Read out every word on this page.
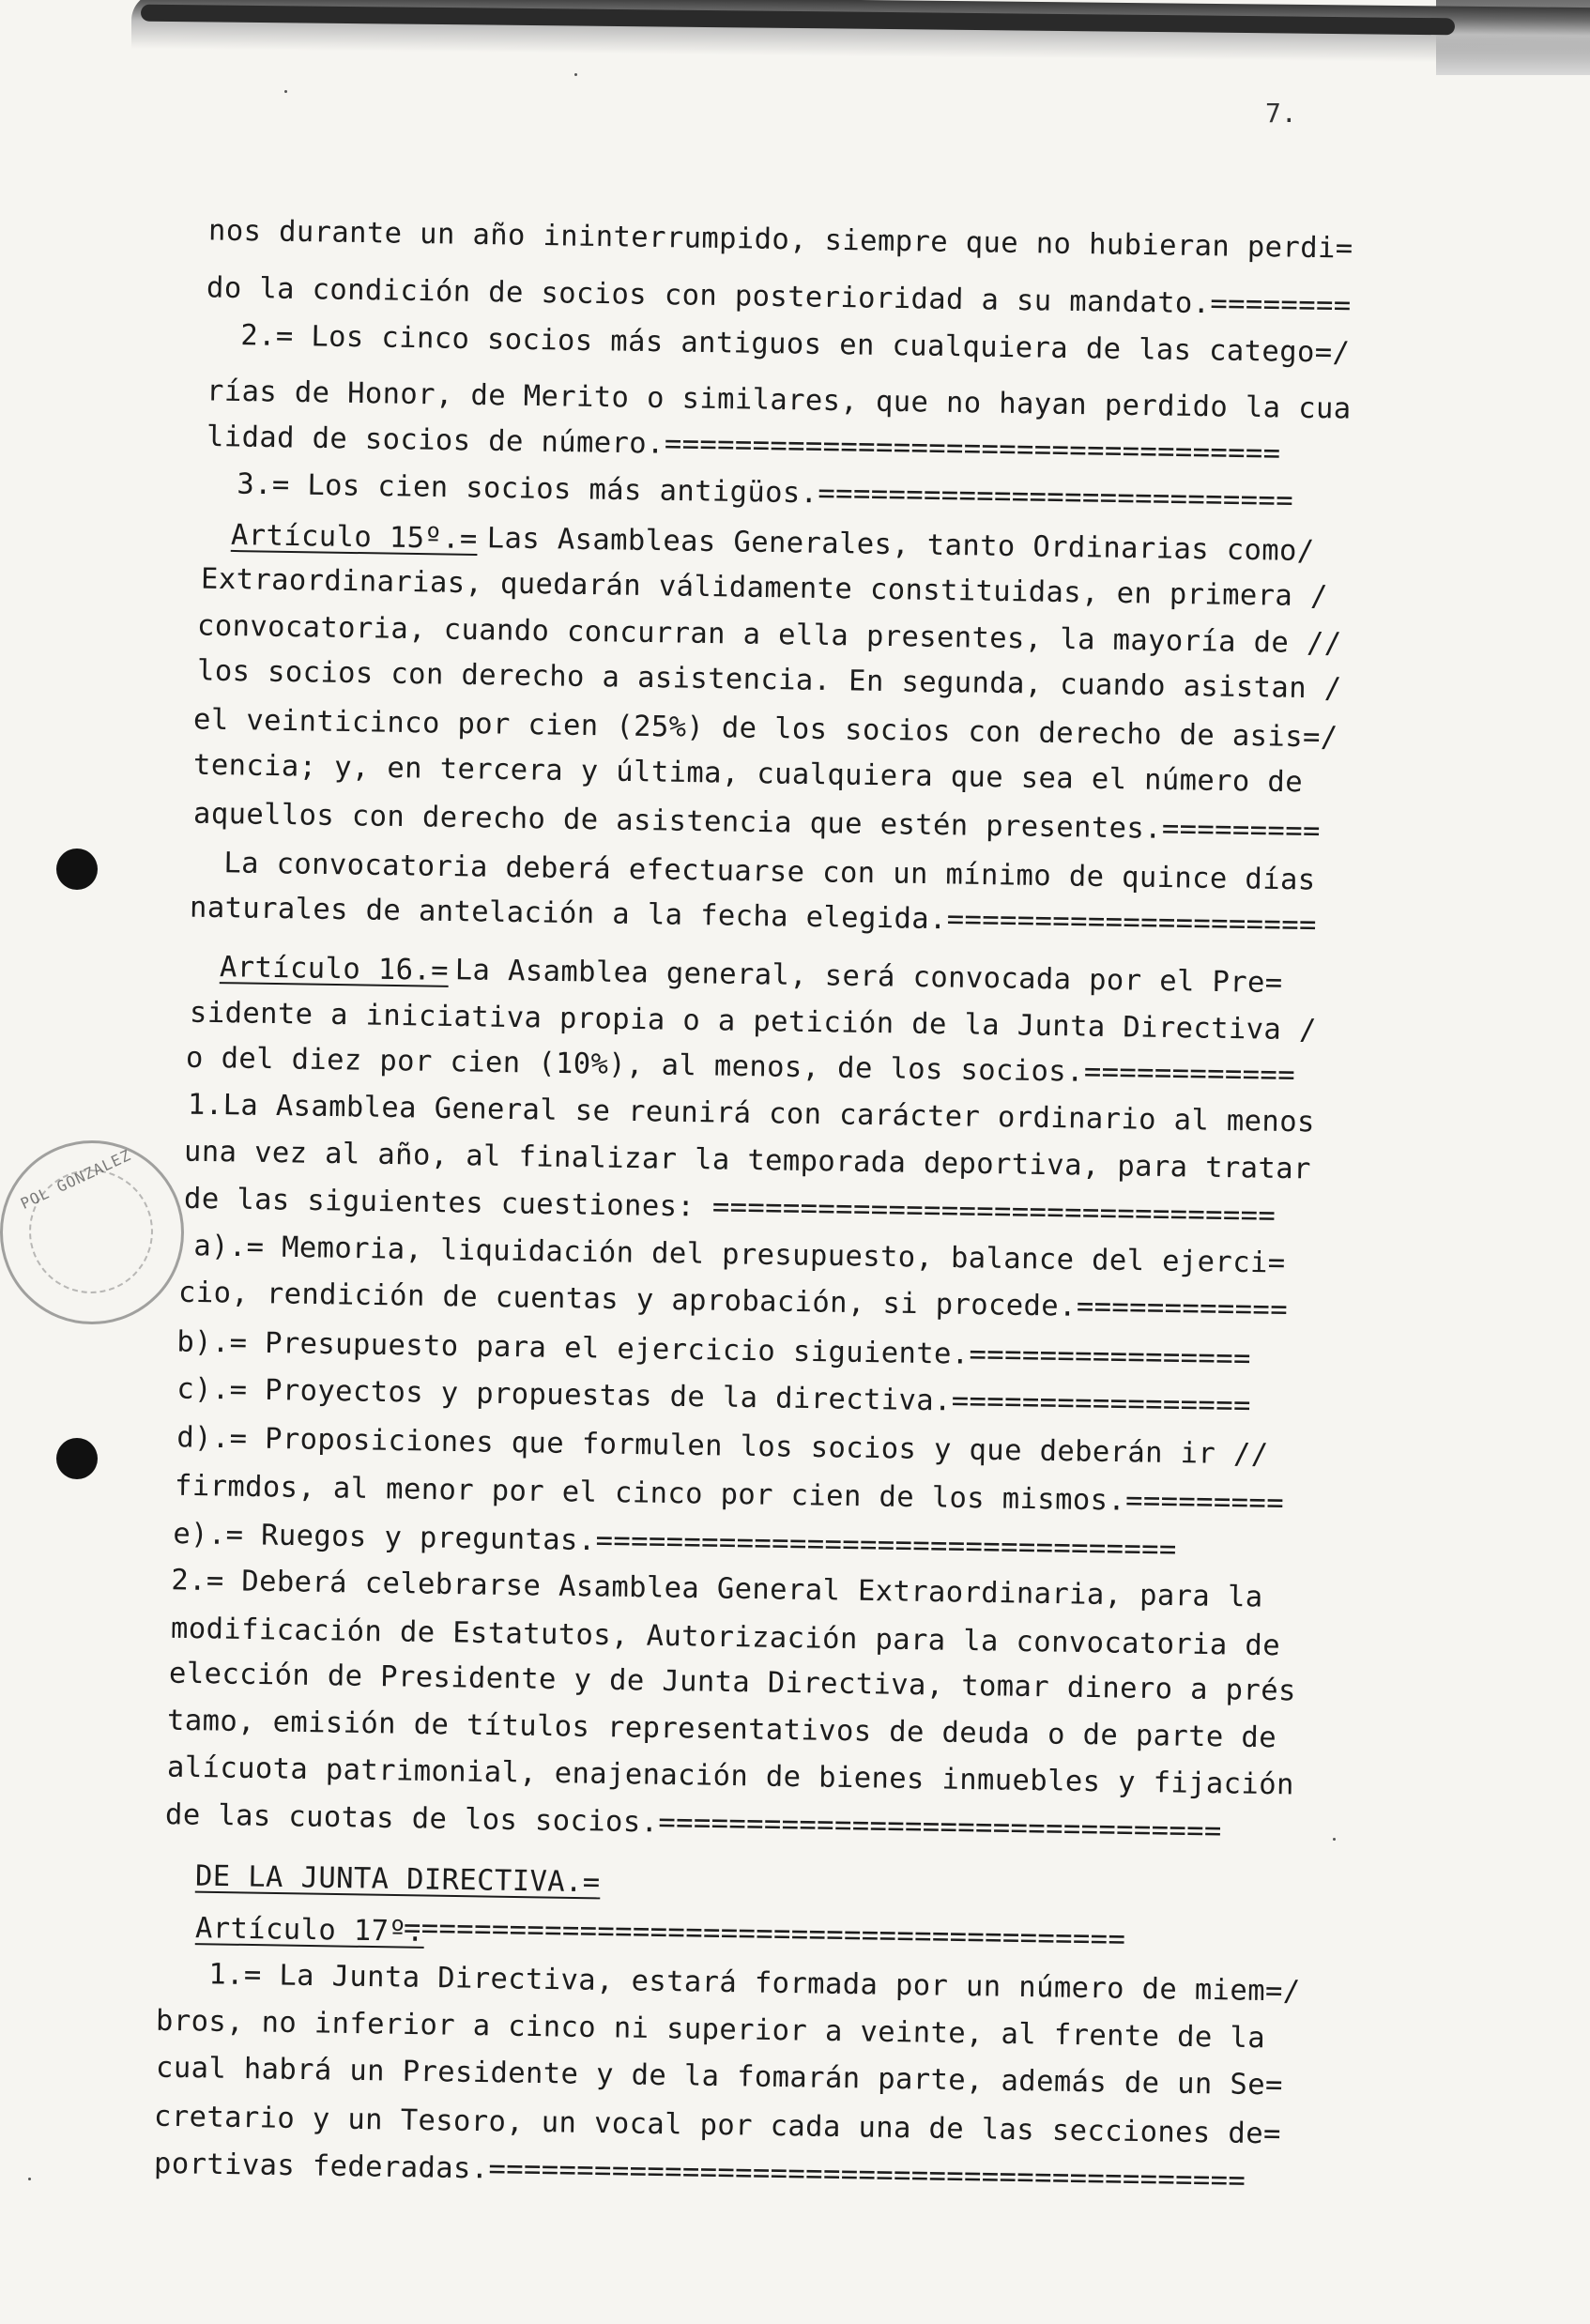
7.
POL GONZALEZ

nos durante un año ininterrumpido, siempre que no hubieran perdi=

do la condición de socios con posterioridad a su mandato.========

2.= Los cinco socios más antiguos en cualquiera de las catego=/

rías de Honor, de Merito o similares, que no hayan perdido la cua

lidad de socios de número.===================================

3.= Los cien socios más antigüos.===========================

Artículo 15º.=

Las Asambleas Generales, tanto Ordinarias como/

Extraordinarias, quedarán válidamente constituidas, en primera /

convocatoria, cuando concurran a ella presentes, la mayoría de //

los socios con derecho a asistencia. En segunda, cuando asistan /

el veinticinco por cien (25%) de los socios con derecho de asis=/

tencia; y, en tercera y última, cualquiera que sea el número de

aquellos con derecho de asistencia que estén presentes.=========

La convocatoria deberá efectuarse con un mínimo de quince días

naturales de antelación a la fecha elegida.=====================

Artículo 16.=

La Asamblea general, será convocada por el Pre=

sidente a iniciativa propia o a petición de la Junta Directiva /

o del diez por cien (10%), al menos, de los socios.============

1.La Asamblea General se reunirá con carácter ordinario al menos

una vez al año, al finalizar la temporada deportiva, para tratar

de las siguientes cuestiones: ================================

a).= Memoria, liquidación del presupuesto, balance del ejerci=

cio, rendición de cuentas y aprobación, si procede.============

b).= Presupuesto para el ejercicio siguiente.================

c).= Proyectos y propuestas de la directiva.=================

d).= Proposiciones que formulen los socios y que deberán ir //

firmdos, al menor por el cinco por cien de los mismos.=========

e).= Ruegos y preguntas.=================================

2.= Deberá celebrarse Asamblea General Extraordinaria, para la

modificación de Estatutos, Autorización para la convocatoria de

elección de Presidente y de Junta Directiva, tomar dinero a prés

tamo, emisión de títulos representativos de deuda o de parte de

alícuota patrimonial, enajenación de bienes inmuebles y fijación

de las cuotas de los socios.================================

DE LA JUNTA DIRECTIVA.=

Artículo 17º.

=========================================

1.= La Junta Directiva, estará formada por un número de miem=/

bros, no inferior a cinco ni superior a veinte, al frente de la

cual habrá un Presidente y de la fomarán parte, además de un Se=

cretario y un Tesoro, un vocal por cada una de las secciones de=

portivas federadas.===========================================
